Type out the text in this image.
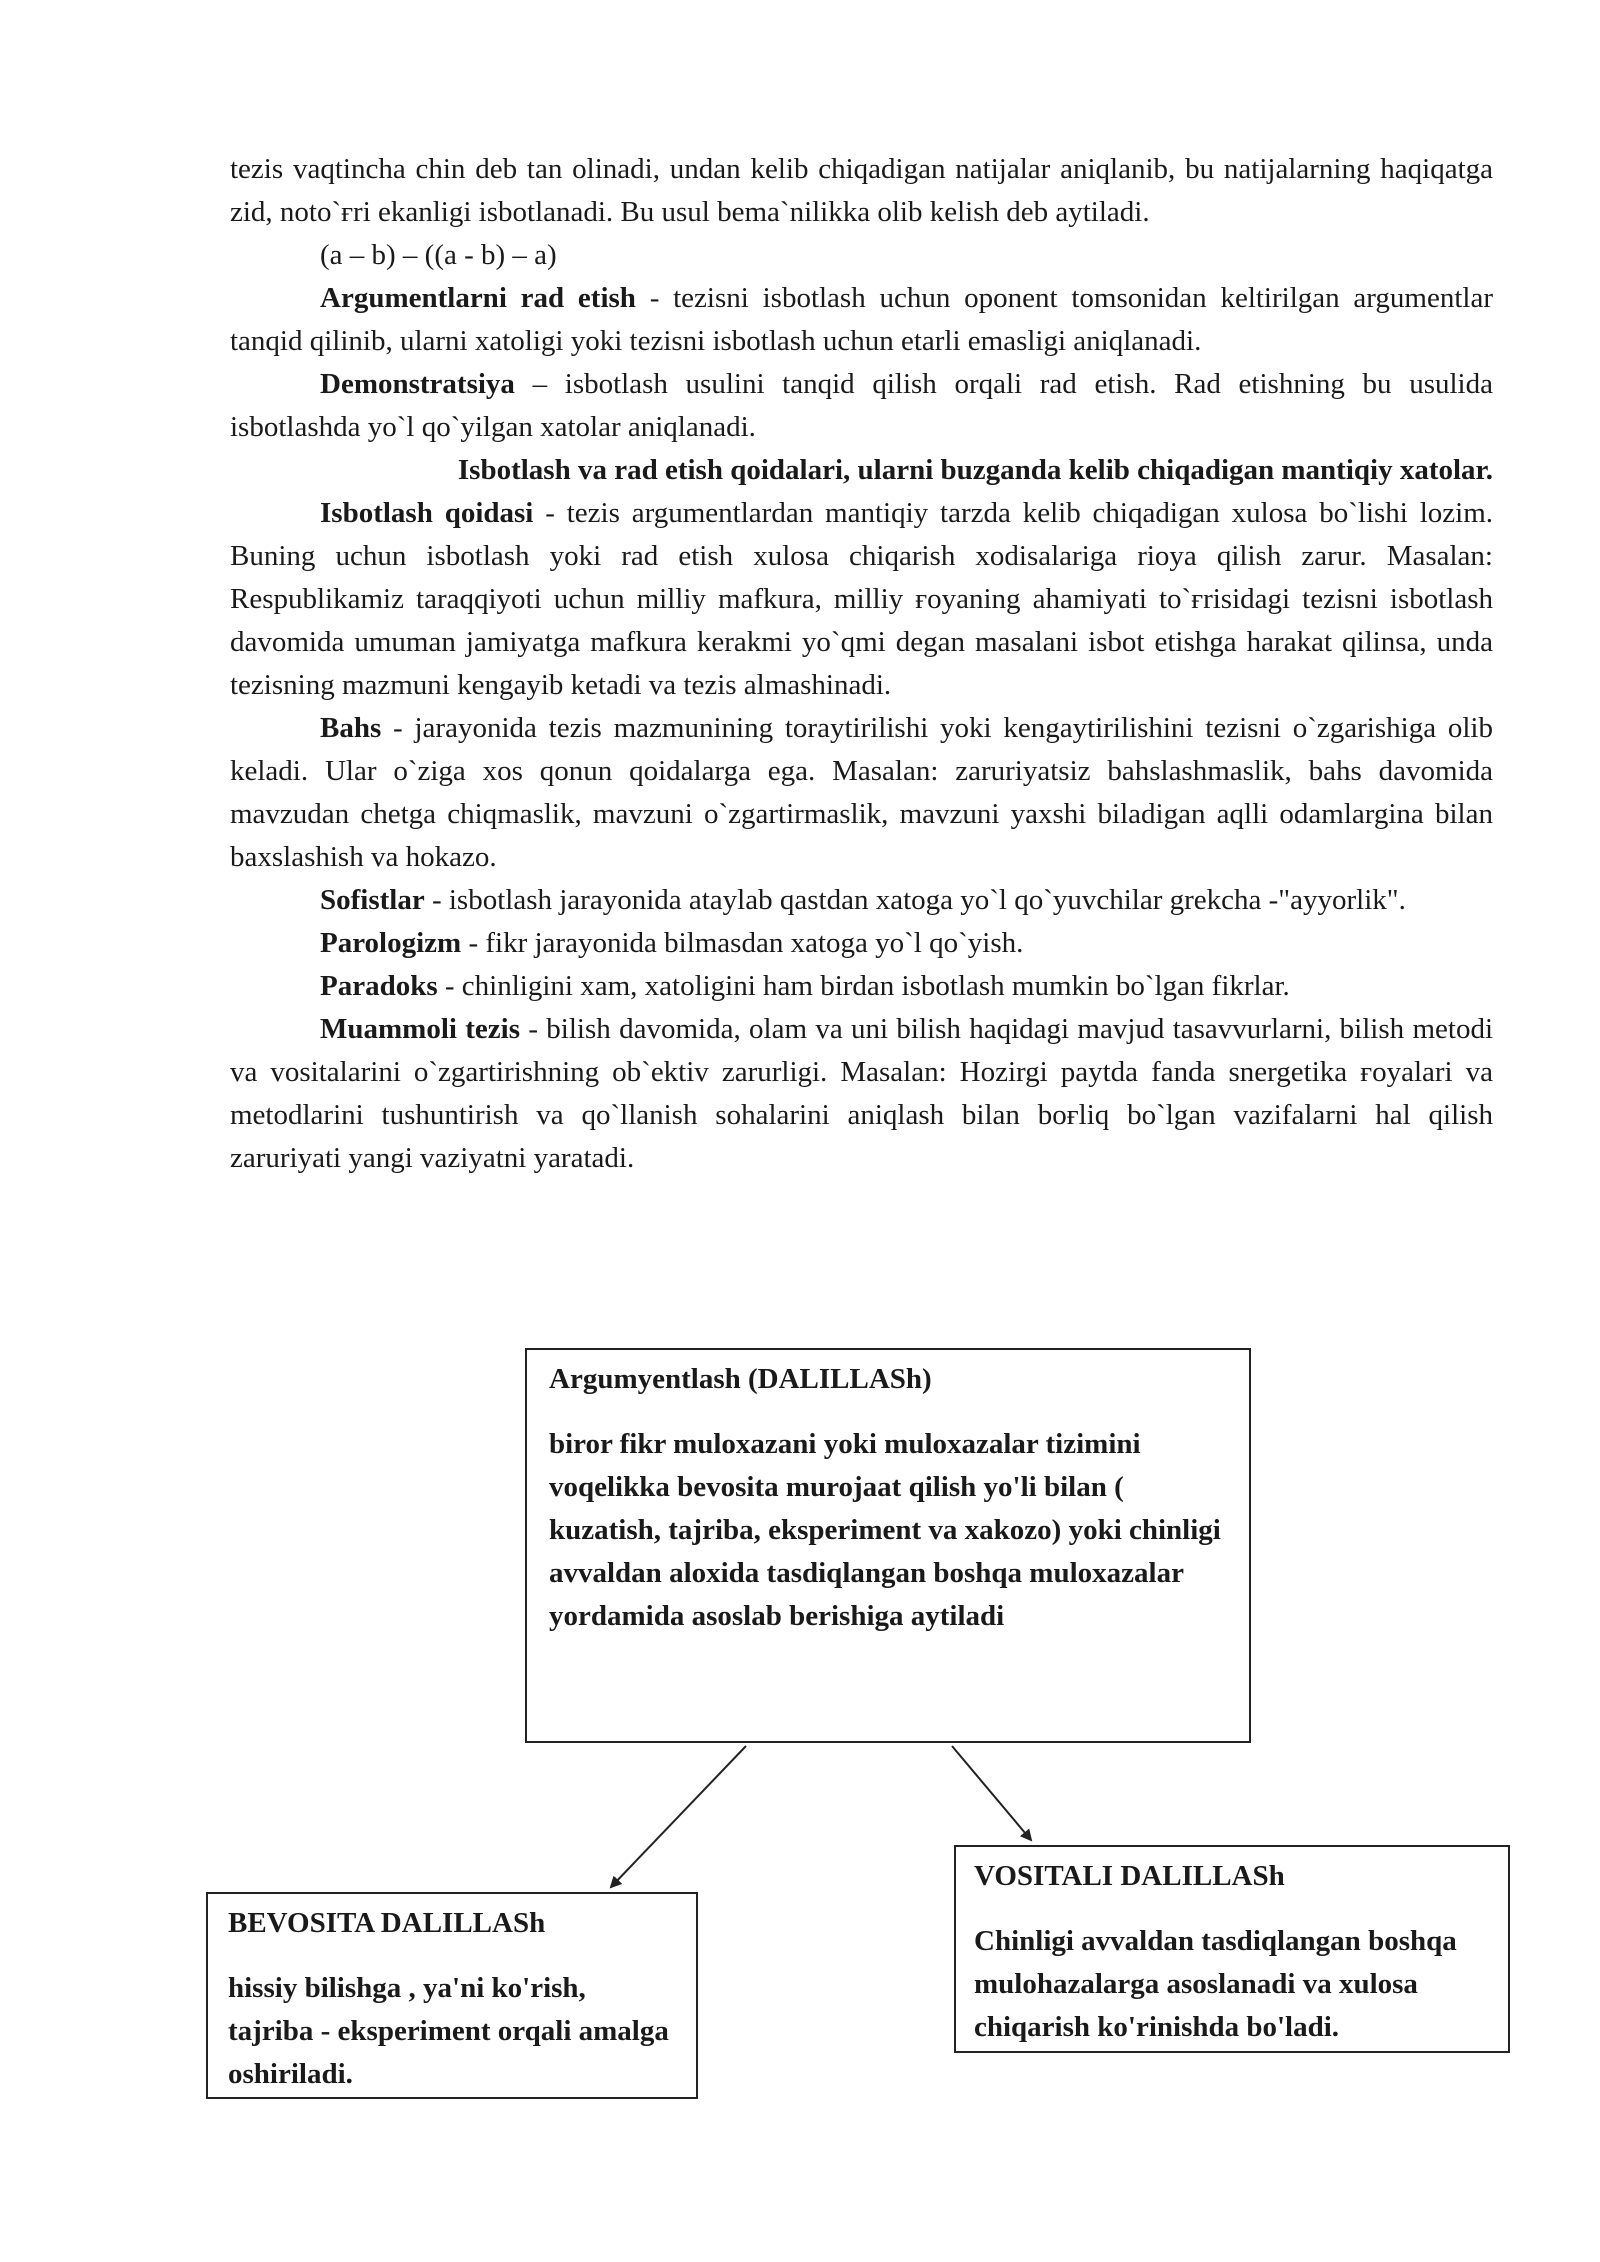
tezis vaqtincha chin deb tan olinadi, undan kelib chiqadigan natijalar aniqlanib, bu natijalarning haqiqatga zid, noto`ғri ekanligi isbotlanadi. Bu usul bema`nilikka olib kelish deb aytiladi.

(a – b) – ((a - b) – a)

Argumentlarni rad etish - tezisni isbotlash uchun oponent tomsonidan keltirilgan argumentlar tanqid qilinib, ularni xatoligi yoki tezisni isbotlash uchun etarli emasligi aniqlanadi.

Demonstratsiya – isbotlash usulini tanqid qilish orqali rad etish. Rad etishning bu usulida isbotlashda yo`l qo`yilgan xatolar aniqlanadi.

Isbotlash va rad etish qoidalari, ularni buzganda kelib chiqadigan mantiqiy xatolar.

Isbotlash qoidasi - tezis argumentlardan mantiqiy tarzda kelib chiqadigan xulosa bo`lishi lozim. Buning uchun isbotlash yoki rad etish xulosa chiqarish xodisalariga rioya qilish zarur. Masalan: Respublikamiz taraqqiyoti uchun milliy mafkura, milliy ғoyaning ahamiyati to`ғrisidagi tezisni isbotlash davomida umuman jamiyatga mafkura kerakmi yo`qmi degan masalani isbot etishga harakat qilinsa, unda tezisning mazmuni kengayib ketadi va tezis almashinadi.

Bahs - jarayonida tezis mazmunining toraytirilishi yoki kengaytirilishini tezisni o`zgarishiga olib keladi. Ular o`ziga xos qonun qoidalarga ega. Masalan: zaruriyatsiz bahslashmaslik, bahs davomida mavzudan chetga chiqmaslik, mavzuni o`zgartirmaslik, mavzuni yaxshi biladigan aqlli odamlargina bilan baxslashish va hokazo.

Sofistlar - isbotlash jarayonida ataylab qastdan xatoga yo`l qo`yuvchilar grekcha -"ayyorlik".

Parologizm - fikr jarayonida bilmasdan xatoga yo`l qo`yish.

Paradoks - chinligini xam, xatoligini ham birdan isbotlash mumkin bo`lgan fikrlar.

Muammoli tezis - bilish davomida, olam va uni bilish haqidagi mavjud tasavvurlarni, bilish metodi va vositalarini o`zgartirishning ob`ektiv zarurligi. Masalan: Hozirgi paytda fanda snergetika ғoyalari va metodlarini tushuntirish va qo`llanish sohalarini aniqlash bilan boғliq bo`lgan vazifalarni hal qilish zaruriyati yangi vaziyatni yaratadi.

Argumyentlash (DALILLASh)
biror fikr muloxazani yoki muloxazalar tizimini voqelikka bevosita murojaat qilish yo'li bilan ( kuzatish, tajriba, eksperiment va xakozo) yoki chinligi avvaldan aloxida tasdiqlangan boshqa muloxazalar yordamida asoslab berishiga aytiladi
BEVOSITA DALILLASh
hissiy bilishga , ya'ni ko'rish, tajriba - eksperiment orqali amalga oshiriladi.
VOSITALI DALILLASh
Chinligi avvaldan tasdiqlangan boshqa mulohazalarga asoslanadi va xulosa chiqarish ko'rinishda bo'ladi.
